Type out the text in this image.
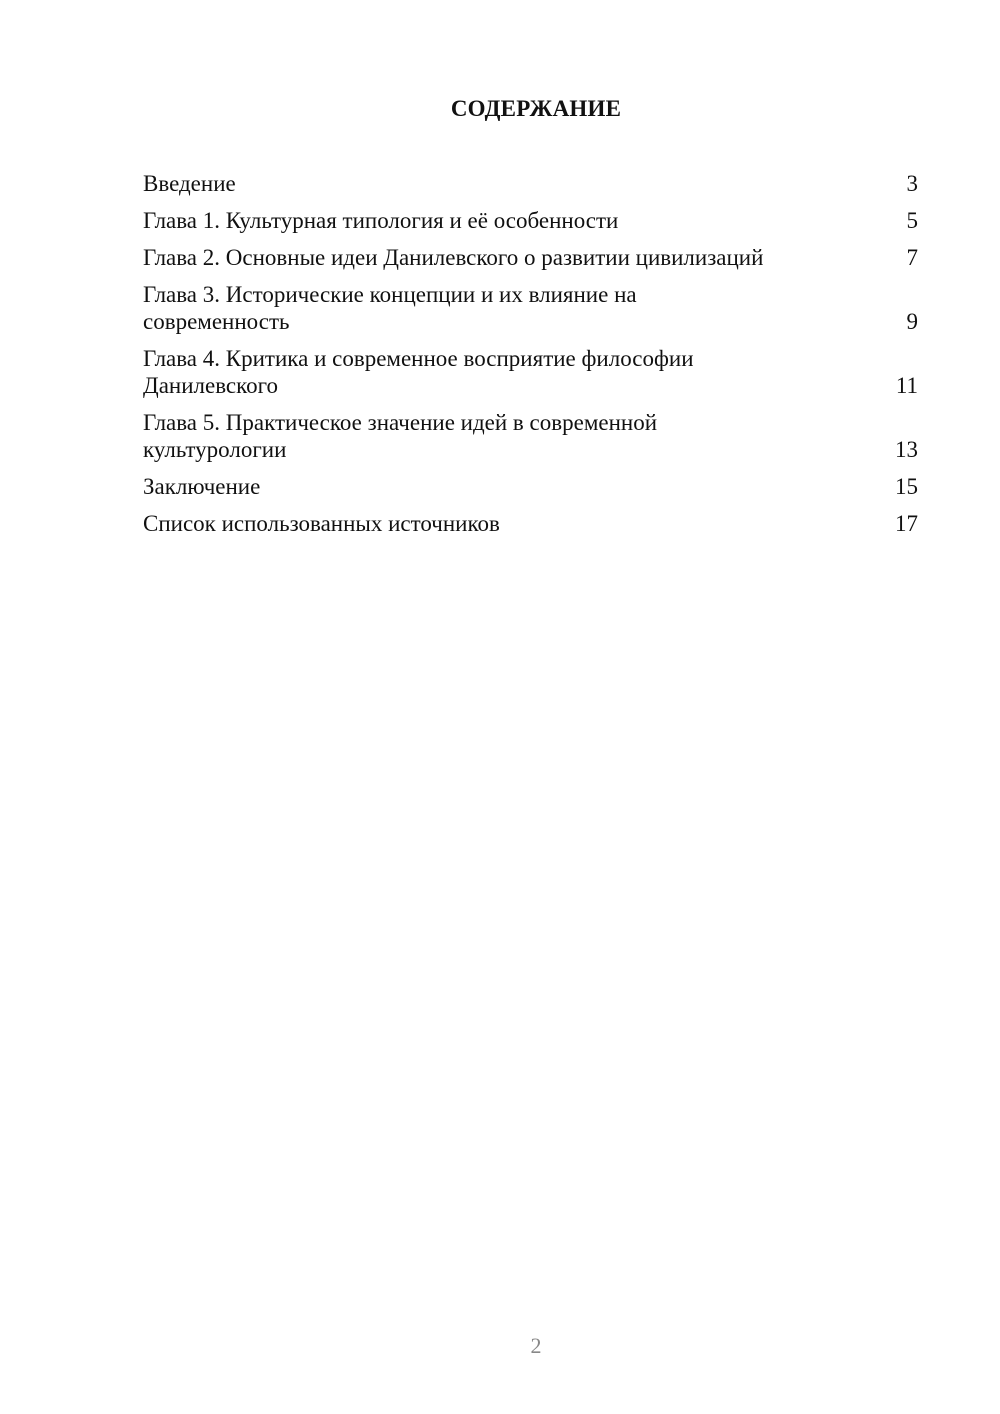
СОДЕРЖАНИЕ
Введение	3
Глава 1. Культурная типология и её особенности	5
Глава 2. Основные идеи Данилевского о развитии цивилизаций	7
Глава 3. Исторические концепции и их влияние на
современность	9
Глава 4. Критика и современное восприятие философии
Данилевского	11
Глава 5. Практическое значение идей в современной
культурологии	13
Заключение	15
Список использованных источников	17
2
